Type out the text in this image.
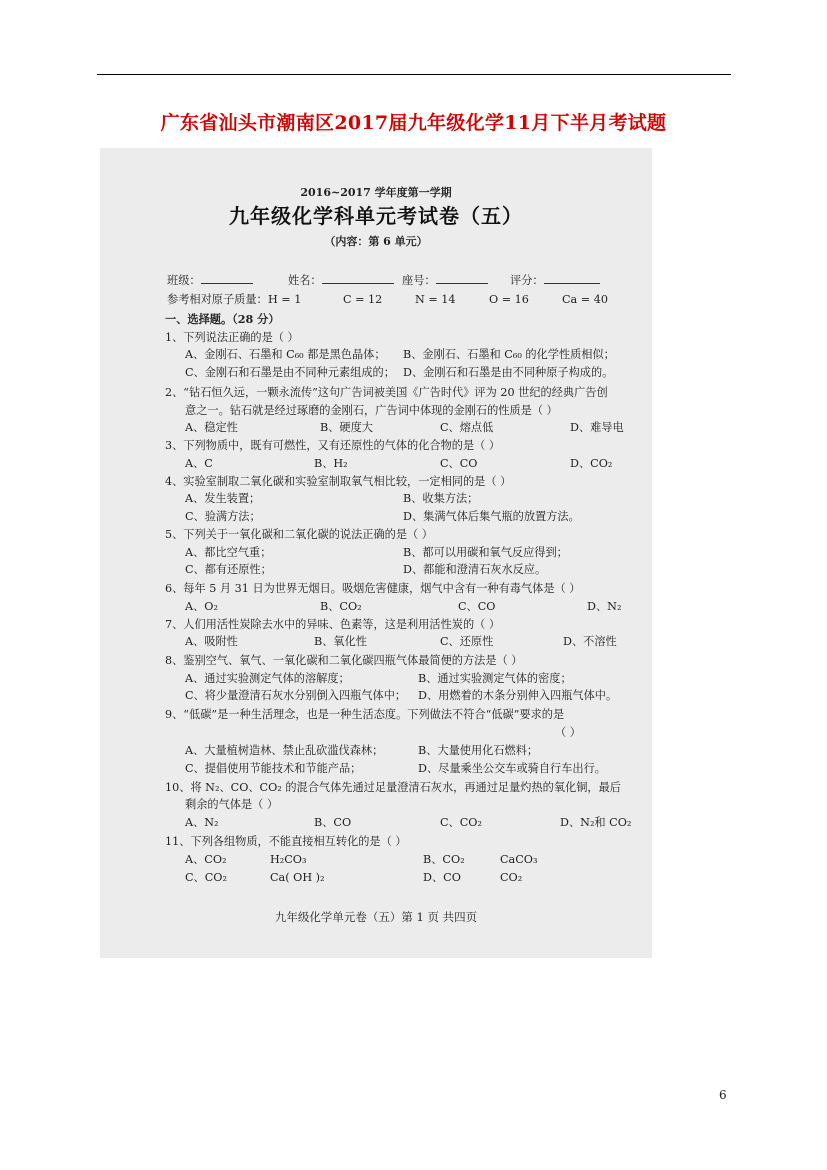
广东省汕头市潮南区2017届九年级化学11月下半月考试题
2016~2017 学年度第一学期
九年级化学科单元考试卷（五）
（内容：第 6 单元）
班级：	姓名：	座号：	评分：
参考相对原子质量： H = 1	C = 12	N = 14	O = 16	Ca = 40
一、选择题。（28 分）
1、下列说法正确的是（ ）
A、金刚石、石墨和 C₆₀ 都是黑色晶体； B、金刚石、石墨和 C₆₀ 的化学性质相似；
C、金刚石和石墨是由不同种元素组成的； D、金刚石和石墨是由不同种原子构成的。
2、“钻石恒久远，一颗永流传”这句广告词被美国《广告时代》评为 20 世纪的经典广告创
意之一。钻石就是经过琢磨的金刚石，广告词中体现的金刚石的性质是（ ）
A、稳定性	B、硬度大	C、熔点低	D、难导电
3、下列物质中，既有可燃性，又有还原性的气体的化合物的是（ ）
A、C	B、H₂	C、CO	D、CO₂
4、实验室制取二氧化碳和实验室制取氧气相比较，一定相同的是（ ）
A、发生装置；	B、收集方法；
C、验满方法；	D、集满气体后集气瓶的放置方法。
5、下列关于一氧化碳和二氧化碳的说法正确的是（ ）
A、都比空气重；	B、都可以用碳和氧气反应得到；
C、都有还原性；	D、都能和澄清石灰水反应。
6、每年 5 月 31 日为世界无烟日。吸烟危害健康，烟气中含有一种有毒气体是（ ）
A、O₂	B、CO₂	C、CO	D、N₂
7、人们用活性炭除去水中的异味、色素等，这是利用活性炭的（ ）
A、吸附性	B、氧化性	C、还原性	D、不溶性
8、鉴别空气、氧气、一氧化碳和二氧化碳四瓶气体最简便的方法是（ ）
A、通过实验测定气体的溶解度；	B、通过实验测定气体的密度；
C、将少量澄清石灰水分别倒入四瓶气体中； D、用燃着的木条分别伸入四瓶气体中。
9、“低碳”是一种生活理念，也是一种生活态度。下列做法不符合“低碳”要求的是
（ ）
A、大量植树造林、禁止乱砍滥伐森林；	B、大量使用化石燃料；
C、提倡使用节能技术和节能产品；	D、尽量乘坐公交车或骑自行车出行。
10、将 N₂、CO、CO₂ 的混合气体先通过足量澄清石灰水，再通过足量灼热的氧化铜，最后
剩余的气体是（ ）
A、N₂	B、CO	C、CO₂	D、N₂和 CO₂
11、下列各组物质，不能直接相互转化的是（ ）
A、CO₂	H₂CO₃	B、CO₂	CaCO₃
C、CO₂	Ca( OH )₂	D、CO	CO₂
九年级化学单元卷（五）第 1 页 共四页
6
